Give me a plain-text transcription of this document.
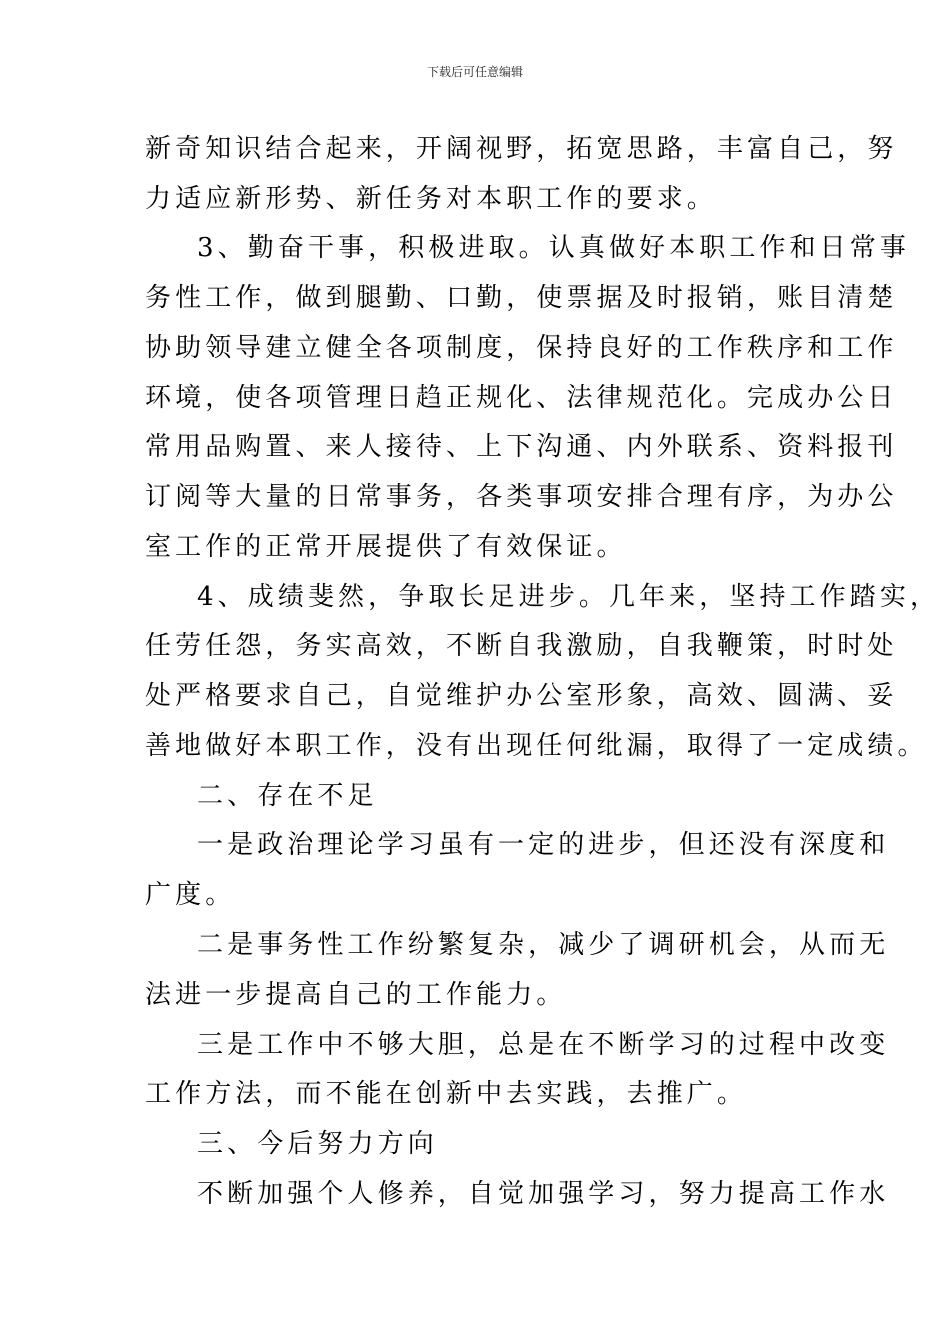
下载后可任意编辑
新奇知识结合起来，开阔视野，拓宽思路，丰富自己，努
力适应新形势、新任务对本职工作的要求。
3、勤奋干事，积极进取。认真做好本职工作和日常事
务性工作，做到腿勤、口勤，使票据及时报销，账目清楚
协助领导建立健全各项制度，保持良好的工作秩序和工作
环境，使各项管理日趋正规化、法律规范化。完成办公日
常用品购置、来人接待、上下沟通、内外联系、资料报刊
订阅等大量的日常事务，各类事项安排合理有序，为办公
室工作的正常开展提供了有效保证。
4、成绩斐然，争取长足进步。几年来，坚持工作踏实，
任劳任怨，务实高效，不断自我激励，自我鞭策，时时处
处严格要求自己，自觉维护办公室形象，高效、圆满、妥
善地做好本职工作，没有出现任何纰漏，取得了一定成绩。
二、存在不足
一是政治理论学习虽有一定的进步，但还没有深度和
广度。
二是事务性工作纷繁复杂，减少了调研机会，从而无
法进一步提高自己的工作能力。
三是工作中不够大胆，总是在不断学习的过程中改变
工作方法，而不能在创新中去实践，去推广。
三、今后努力方向
不断加强个人修养，自觉加强学习，努力提高工作水
